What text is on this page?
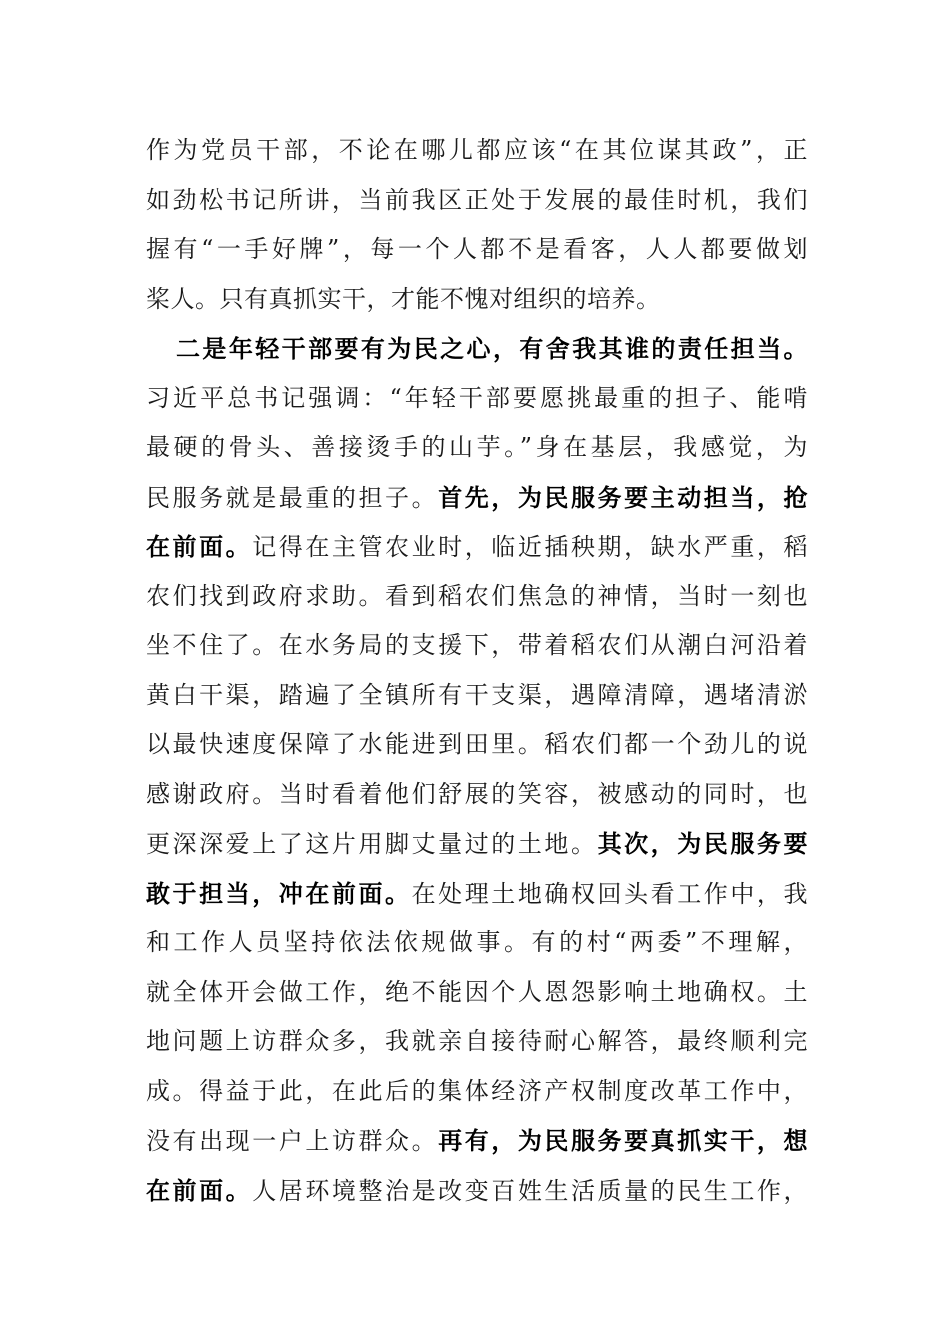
作为党员干部，不论在哪儿都应该“在其位谋其政”，正
如劲松书记所讲，当前我区正处于发展的最佳时机，我们
握有“一手好牌”，每一个人都不是看客，人人都要做划
桨人。只有真抓实干，才能不愧对组织的培养。
二是年轻干部要有为民之心，有舍我其谁的责任担当。
习近平总书记强调：“年轻干部要愿挑最重的担子、能啃
最硬的骨头、善接烫手的山芋。”身在基层，我感觉，为
民服务就是最重的担子。首先，为民服务要主动担当，抢
在前面。记得在主管农业时，临近插秧期，缺水严重，稻
农们找到政府求助。看到稻农们焦急的神情，当时一刻也
坐不住了。在水务局的支援下，带着稻农们从潮白河沿着
黄白干渠，踏遍了全镇所有干支渠，遇障清障，遇堵清淤
以最快速度保障了水能进到田里。稻农们都一个劲儿的说
感谢政府。当时看着他们舒展的笑容，被感动的同时，也
更深深爱上了这片用脚丈量过的土地。其次，为民服务要
敢于担当，冲在前面。在处理土地确权回头看工作中，我
和工作人员坚持依法依规做事。有的村“两委”不理解，
就全体开会做工作，绝不能因个人恩怨影响土地确权。土
地问题上访群众多，我就亲自接待耐心解答，最终顺利完
成。得益于此，在此后的集体经济产权制度改革工作中，
没有出现一户上访群众。再有，为民服务要真抓实干，想
在前面。人居环境整治是改变百姓生活质量的民生工作，
